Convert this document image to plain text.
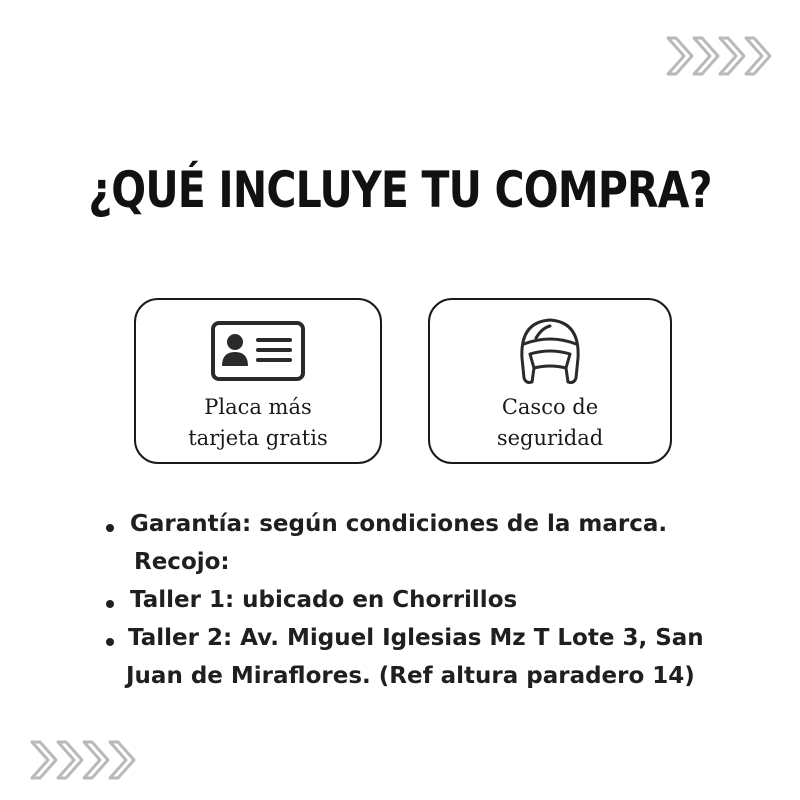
¿QUÉ INCLUYE TU COMPRA?
Placa más
tarjeta gratis
Casco de
seguridad
Garantía: según condiciones de la marca.
Recojo:
Taller 1: ubicado en Chorrillos
Taller 2: Av. Miguel Iglesias Mz T Lote 3, San
Juan de Miraflores. (Ref altura paradero 14)
